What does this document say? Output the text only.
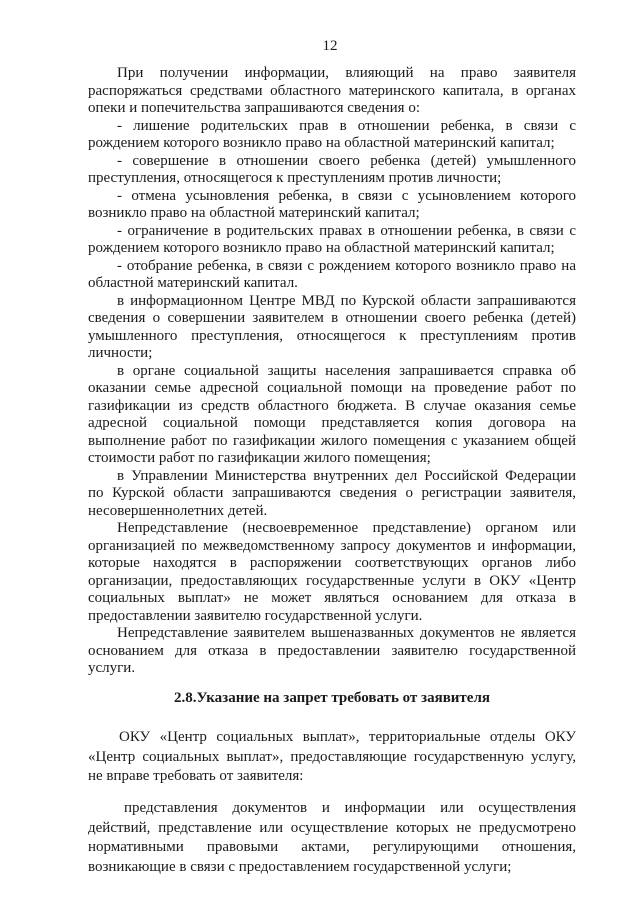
12
При получении информации, влияющий на право заявителя
распоряжаться средствами областного материнского капитала, в органах
опеки и попечительства запрашиваются сведения о:
- лишение родительских прав в отношении ребенка, в связи с
рождением которого возникло право на областной материнский капитал;
- совершение в отношении своего ребенка (детей) умышленного
преступления, относящегося к преступлениям против личности;
- отмена усыновления ребенка, в связи с усыновлением которого
возникло право на областной материнский капитал;
- ограничение в родительских правах в отношении ребенка, в связи с
рождением которого возникло право на областной материнский капитал;
- отобрание ребенка, в связи с рождением которого возникло право на
областной материнский капитал.
в информационном Центре МВД по Курской области запрашиваются
сведения о совершении заявителем в отношении своего ребенка (детей)
умышленного преступления, относящегося к преступлениям против
личности;
в органе социальной защиты населения запрашивается справка об
оказании семье адресной социальной помощи на проведение работ по
газификации из средств областного бюджета. В случае оказания семье
адресной социальной помощи представляется копия договора на
выполнение работ по газификации жилого помещения с указанием общей
стоимости работ по газификации жилого помещения;
в Управлении Министерства внутренних дел Российской Федерации
по Курской области запрашиваются сведения о регистрации заявителя,
несовершеннолетних детей.
Непредставление (несвоевременное представление) органом или
организацией по межведомственному запросу документов и информации,
которые находятся в распоряжении соответствующих органов либо
организации, предоставляющих государственные услуги в ОКУ «Центр
социальных выплат» не может являться основанием для отказа в
предоставлении заявителю государственной услуги.
Непредставление заявителем вышеназванных документов не является
основанием для отказа в предоставлении заявителю государственной
услуги.
2.8.Указание на запрет требовать от заявителя
ОКУ «Центр социальных выплат», территориальные отделы ОКУ
«Центр социальных выплат», предоставляющие государственную услугу,
не вправе требовать от заявителя:
представления документов и информации или осуществления
действий, представление или осуществление которых не предусмотрено
нормативными правовыми актами, регулирующими отношения,
возникающие в связи с предоставлением государственной услуги;
